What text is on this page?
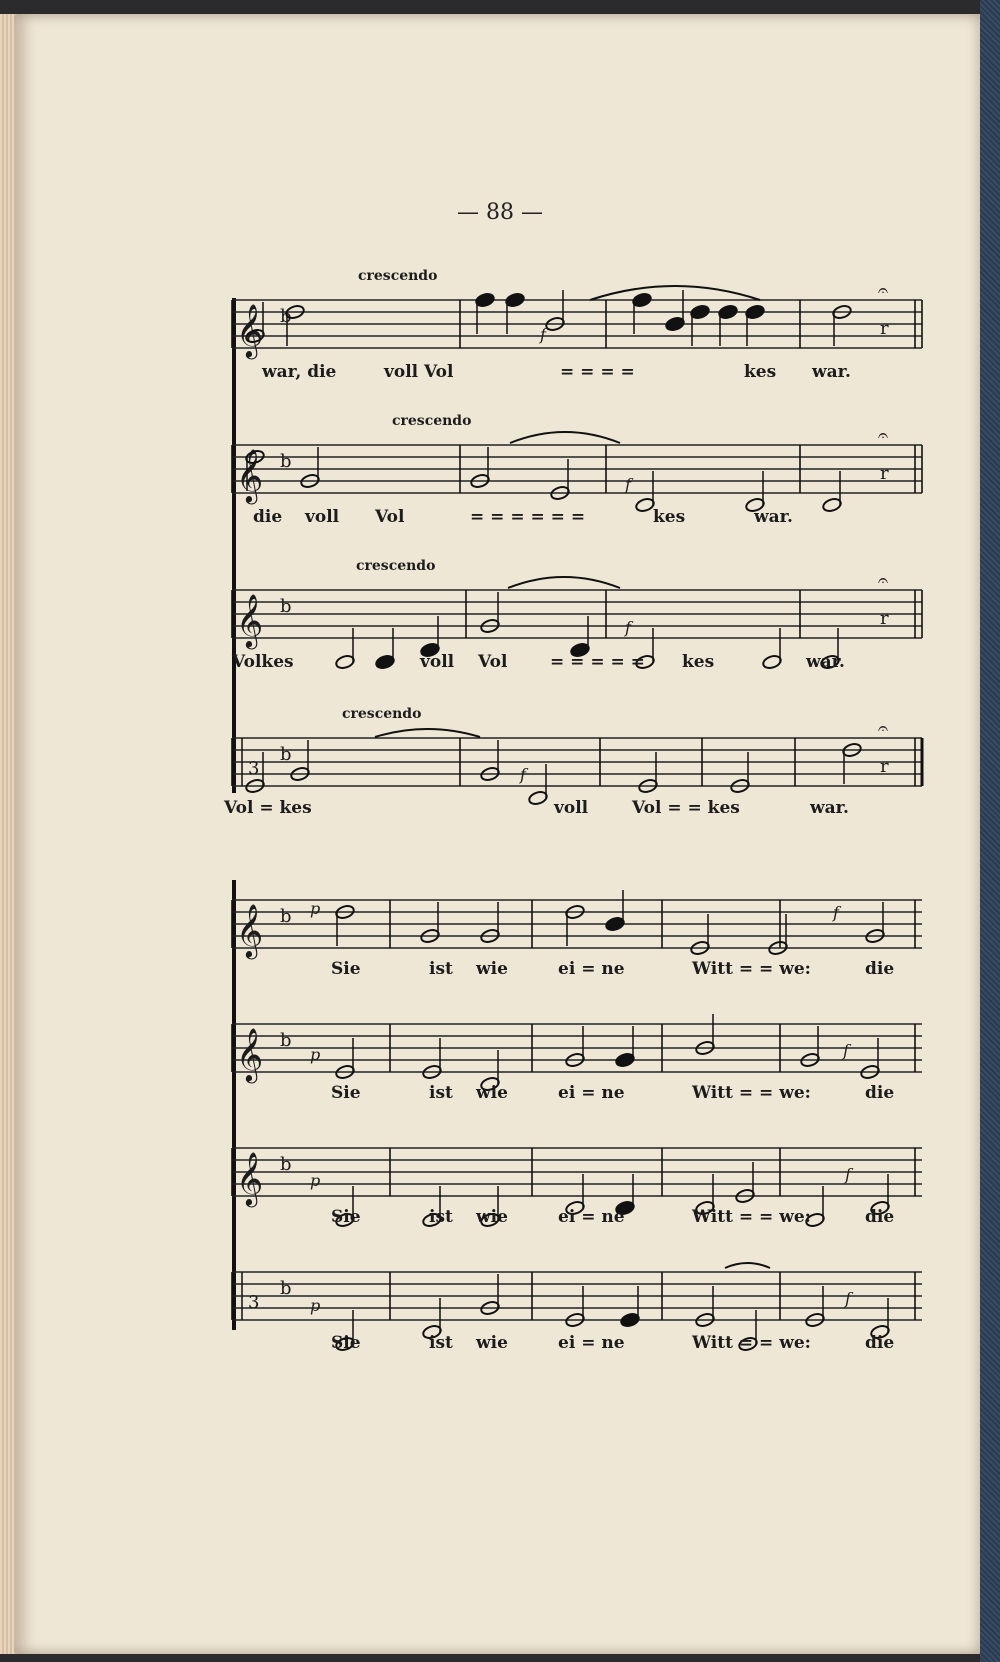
— 88 —
𝄞 b
crescendo
f	r
𝄐
war, die	voll Vol	= = = =	kes war.
𝄞 b
crescendo
f
r
𝄐
die voll Vol	= = = = = =	kes	war.
𝄞 b
crescendo
f	r
𝄐
Volkes	voll Vol	= = = = = kes	war.
3
b
crescendo
f	r
𝄐
Vol = kes	voll	Vol = = kes	war.
𝄞 b	f
p
Sie	ist wie	ei = ne	Witt = = we:	die
𝄞 b	f
p
Sie	ist wie	ei = ne	Witt = = we:	die
𝄞 b	f
p
Sie	ist wie	ei = ne	Witt = = we:	die
3
b	f
p
Sie	ist wie	ei = ne	Witt = = we:	die
